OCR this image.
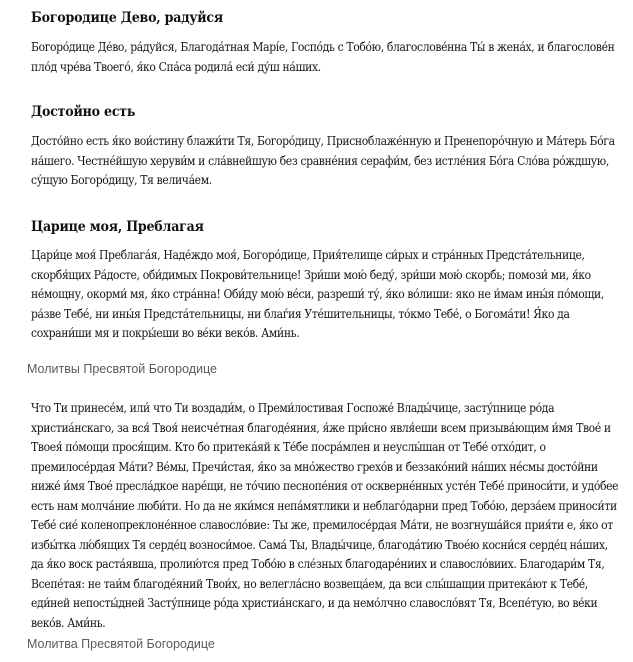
Богородице Дево, радуйся

Богоро́дице Де́во, ра́дуйся, Благода́тная Марı́е, Госпо́дь с Тобо́ю, благослове́нна Ты́ в жена́х, и благослове́н пло́д чре́ва Твоего́, я́ко Спа́са родила́ еси́ ду́ш на́ших.

Достойно есть

Досто́йно есть я́ко вои́стину блажи́ти Тя, Богоро́дицу, Присноблаже́нную и Пренепоро́чную и Ма́терь Бо́га на́шего. Честне́йшую херуви́м и сла́внейшую без сравне́ния серафи́м, без истле́ния Бо́га Сло́ва ро́ждшую, су́щую Богоро́дицу, Тя велича́ем.

Царице моя, Преблагая

Цари́це моя́ Преблага́я, Наде́ждо моя́, Богоро́дице, Прия́телище си́рых и стра́нных Предста́тельнице, скорбя́щих Ра́досте, оби́димых Покрови́тельнице! Зри́ши мою́ беду́, зри́ши мою́ скорбь; помози́ ми, я́ко не́мощну, окорми́ мя, я́ко стра́нна! Оби́ду мою́ ве́си, разреши́ ту́, я́ко во́лиши: яко не и́мам ины́я по́мощи, ра́зве Тебе́, ни ины́я Предста́тельницы, ни блаѓия Уте́шительницы, то́кмо Тебе́, о Богома́ти! Я́ко да сохрани́ши мя и покры́еши во ве́ки веко́в. Ами́нь.

Молитвы Пресвятой Богородице

Что Ти принесе́м, или́ что Ти воздади́м, о Преми́лостивая Госпоже́ Влады́чице, засту́пнице ро́да христиа́нскаго, за вся́ Твоя́ неисче́тная благоде́яния, я́же при́сно явля́еши всем призыва́ющим и́мя Твое́ и Твоея́ по́мощи прося́щим. Кто бо притека́яй к Те́бе посра́млен и неуслы́шан от Тебе́ отхо́дит, о премилосе́рдая Ма́ти? Ве́мы, Пречи́стая, я́ко за мно́жество грехо́в и беззако́ний на́ших не́смы досто́йни ниже́ и́мя Твое́ пресла́дкое наре́щи, не то́чию песнопе́ния от оскверне́нных усте́н Тебе́ приноси́ти, и удо́бее есть нам молча́ние люби́ти. Но да не яки́мся непа́мятлики и неблаго́дарни пред Тобо́ю, дерза́ем приноси́ти Тебе́ сие́ коленопреклоне́нное славосло́вие: Ты же, премилосе́рдая Ма́ти, не возгнуша́йся прия́ти е, я́ко от избы́тка лю́бящих Тя серде́ц возноси́мое. Сама́ Ты, Влады́чице, благода́тию Твое́ю косни́ся серде́ц на́ших, да я́ко воск раста́явша, пролию́тся пред Тобо́ю в сле́зных благодаре́ниих и славосло́виих. Благодари́м Тя, Всепе́тая: не таи́м благоде́яний Твои́х, но велегла́сно возвеща́ем, да вси слы́шащии притека́ют к Тебе́, еди́ней непосты́дней Засту́пнице ро́да христиа́нскаго, и да немо́лчно славосло́вят Тя, Всепе́тую, во ве́ки веко́в. Ами́нь.

Молитва Пресвятой Богородице
